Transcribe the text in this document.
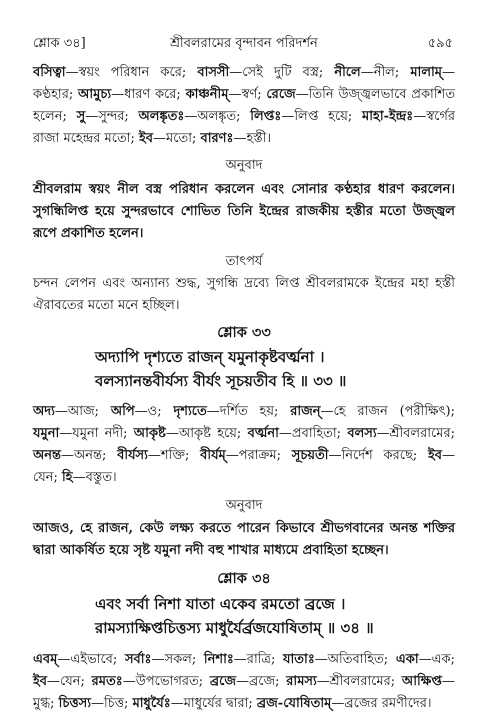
শ্লোক ৩৪]	শ্রীবলরামের বৃন্দাবন পরিদর্শন	৫৯৫
বসিত্বা—স্বয়ং পরিধান করে; বাসসী—সেই দুটি বস্ত্র; নীলে—নীল; মালাম্—
কণ্ঠহার; আমুচ্য—ধারণ করে; কাঞ্চনীম্—স্বর্ণ; রেজে—তিনি উজ্জ্বলভাবে প্রকাশিত
হলেন; সু—সুন্দর; অলঙ্কৃতঃ—অলঙ্কৃত; লিপ্তঃ—লিপ্ত হয়ে; মাহা-ইন্দ্রঃ—স্বর্গের
রাজা মহেন্দ্রর মতো; ইব—মতো; বারণঃ—হস্তী।
অনুবাদ
শ্রীবলরাম স্বয়ং নীল বস্ত্র পরিধান করলেন এবং সোনার কণ্ঠহার ধারণ করলেন।
সুগন্ধিলিপ্ত হয়ে সুন্দরভাবে শোভিত তিনি ইন্দ্রের রাজকীয় হস্তীর মতো উজ্জ্বল
রূপে প্রকাশিত হলেন।
তাৎপর্য
চন্দন লেপন এবং অন্যান্য শুদ্ধ, সুগন্ধি দ্রব্যে লিপ্ত শ্রীবলরামকে ইন্দ্রের মহা হস্তী
ঐরাবতের মতো মনে হচ্ছিল।
শ্লোক ৩৩
অদ্যাপি দৃশ্যতে রাজন্ যমুনাকৃষ্টবর্ত্মনা ।
বলস্যানন্তবীর্যস্য বীর্যং সূচয়তীব হি ॥ ৩৩ ॥
অদ্য—আজ; অপি—ও; দৃশ্যতে—দর্শিত হয়; রাজন্—হে রাজন (পরীক্ষিৎ);
যমুনা—যমুনা নদী; আকৃষ্ট—আকৃষ্ট হয়ে; বর্ত্মনা—প্রবাহিতা; বলস্য—শ্রীবলরামের;
অনন্ত—অনন্ত; বীর্যস্য—শক্তি; বীর্যম্—পরাক্রম; সূচয়তী—নির্দেশ করছে; ইব—
যেন; হি—বস্তুত।
অনুবাদ
আজও, হে রাজন, কেউ লক্ষ্য করতে পারেন কিভাবে শ্রীভগবানের অনন্ত শক্তির
দ্বারা আকর্ষিত হয়ে সৃষ্ট যমুনা নদী বহু শাখার মাধ্যমে প্রবাহিতা হচ্ছেন।
শ্লোক ৩৪
এবং সর্বা নিশা যাতা একেব রমতো ব্রজে ।
রামস্যাক্ষিপ্তচিত্তস্য মাধুর্যৈর্ব্রজযোষিতাম্ ॥ ৩৪ ॥
এবম্—এইভাবে; সর্বাঃ—সকল; নিশাঃ—রাত্রি; যাতাঃ—অতিবাহিত; একা—এক;
ইব—যেন; রমতঃ—উপভোগরত; ব্রজে—ব্রজে; রামস্য—শ্রীবলরামের; আক্ষিপ্ত—
মুগ্ধ; চিত্তস্য—চিত্ত; মাধুর্যৈঃ—মাধুর্যের দ্বারা; ব্রজ-যোষিতাম্—ব্রজের রমণীদের।
